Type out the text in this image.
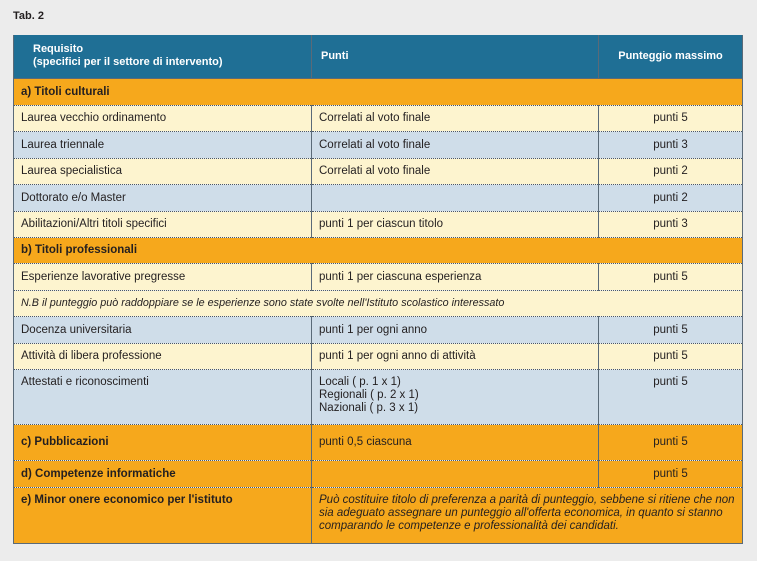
Tab. 2
Requisito
(specifici per il settore di intervento)	Punti	Punteggio massimo
a) Titoli culturali		
Laurea vecchio ordinamento	Correlati al voto finale	punti 5
Laurea triennale	Correlati al voto finale	punti 3
Laurea specialistica	Correlati al voto finale	punti 2
Dottorato e/o Master		punti 2
Abilitazioni/Altri titoli specifici	punti 1 per ciascun titolo	punti 3
b) Titoli professionali		
Esperienze lavorative pregresse	punti 1 per ciascuna esperienza	punti 5
N.B il punteggio può raddoppiare se le esperienze sono state svolte nell'Istituto scolastico interessato		
Docenza universitaria	punti 1 per ogni anno	punti 5
Attività di libera professione	punti 1 per ogni anno di attività	punti 5
Attestati e riconoscimenti	Locali ( p. 1 x 1)
Regionali ( p. 2 x 1)
Nazionali ( p. 3 x 1)	punti 5
c) Pubblicazioni	punti 0,5 ciascuna	punti 5
d) Competenze informatiche		punti 5
e) Minor onere economico per l'istituto	Può costituire titolo di preferenza a parità di punteggio, sebbene si ritiene che non sia adeguato assegnare un punteggio all'offerta economica, in quanto si stanno comparando le competenze e professionalità dei candidati.	
